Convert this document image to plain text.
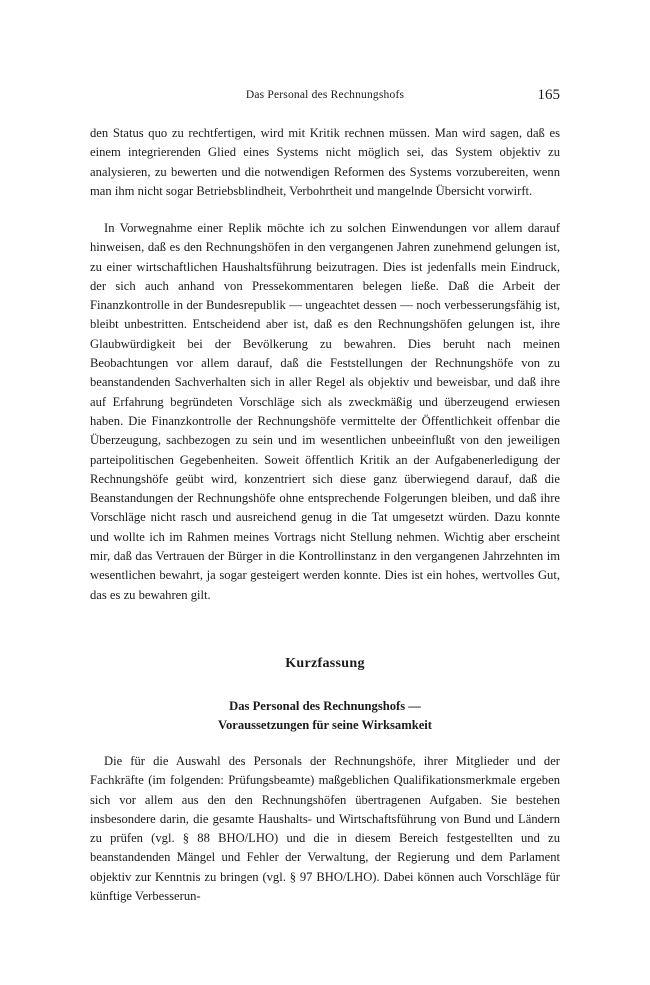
Das Personal des Rechnungshofs	165

den Status quo zu rechtfertigen, wird mit Kritik rechnen müssen. Man wird sagen, daß es einem integrierenden Glied eines Systems nicht möglich sei, das System objektiv zu analysieren, zu bewerten und die notwendigen Reformen des Systems vorzubereiten, wenn man ihm nicht sogar Betriebsblindheit, Verbohrtheit und mangelnde Übersicht vorwirft.

In Vorwegnahme einer Replik möchte ich zu solchen Einwendungen vor allem darauf hinweisen, daß es den Rechnungshöfen in den vergangenen Jahren zunehmend gelungen ist, zu einer wirtschaftlichen Haushaltsführung beizutragen. Dies ist jedenfalls mein Eindruck, der sich auch anhand von Pressekommentaren belegen ließe. Daß die Arbeit der Finanzkontrolle in der Bundesrepublik — ungeachtet dessen — noch verbesserungsfähig ist, bleibt unbestritten. Entscheidend aber ist, daß es den Rechnungshöfen gelungen ist, ihre Glaubwürdigkeit bei der Bevölkerung zu bewahren. Dies beruht nach meinen Beobachtungen vor allem darauf, daß die Feststellungen der Rechnungshöfe von zu beanstandenden Sachverhalten sich in aller Regel als objektiv und beweisbar, und daß ihre auf Erfahrung begründeten Vorschläge sich als zweckmäßig und überzeugend erwiesen haben. Die Finanzkontrolle der Rechnungshöfe vermittelte der Öffentlichkeit offenbar die Überzeugung, sachbezogen zu sein und im wesentlichen unbeeinflußt von den jeweiligen parteipolitischen Gegebenheiten. Soweit öffentlich Kritik an der Aufgabenerledigung der Rechnungshöfe geübt wird, konzentriert sich diese ganz überwiegend darauf, daß die Beanstandungen der Rechnungshöfe ohne entsprechende Folgerungen bleiben, und daß ihre Vorschläge nicht rasch und ausreichend genug in die Tat umgesetzt würden. Dazu konnte und wollte ich im Rahmen meines Vortrags nicht Stellung nehmen. Wichtig aber erscheint mir, daß das Vertrauen der Bürger in die Kontrollinstanz in den vergangenen Jahrzehnten im wesentlichen bewahrt, ja sogar gesteigert werden konnte. Dies ist ein hohes, wertvolles Gut, das es zu bewahren gilt.

Kurzfassung
Das Personal des Rechnungshofs —
Voraussetzungen für seine Wirksamkeit

Die für die Auswahl des Personals der Rechnungshöfe, ihrer Mitglieder und der Fachkräfte (im folgenden: Prüfungsbeamte) maßgeblichen Qualifikationsmerkmale ergeben sich vor allem aus den den Rechnungshöfen übertragenen Aufgaben. Sie bestehen insbesondere darin, die gesamte Haushalts- und Wirtschaftsführung von Bund und Ländern zu prüfen (vgl. § 88 BHO/LHO) und die in diesem Bereich festgestellten und zu beanstandenden Mängel und Fehler der Verwaltung, der Regierung und dem Parlament objektiv zur Kenntnis zu bringen (vgl. § 97 BHO/LHO). Dabei können auch Vorschläge für künftige Verbesserun-
